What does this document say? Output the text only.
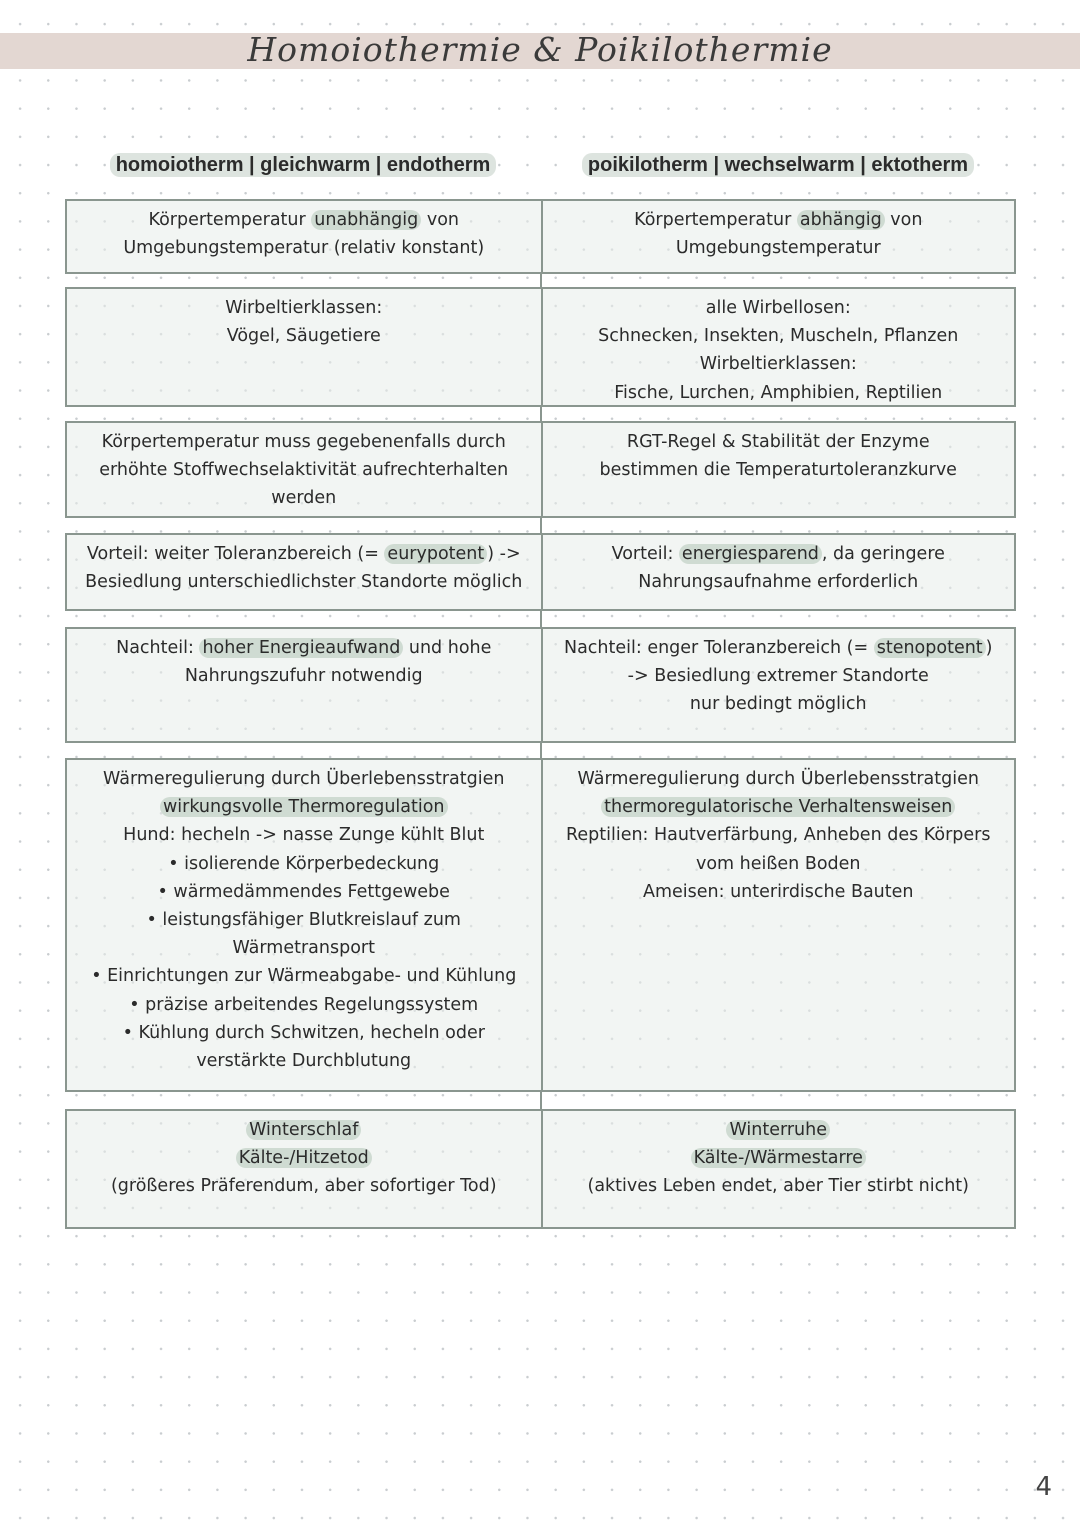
Homoiothermie & Poikilothermie
homoiotherm | gleichwarm | endotherm	poikilotherm | wechselwarm | ektotherm
Körpertemperatur unabhängig von
Umgebungstemperatur (relativ konstant)
Körpertemperatur abhängig von
Umgebungstemperatur
Wirbeltierklassen:
Vögel, Säugetiere
alle Wirbellosen:
Schnecken, Insekten, Muscheln, Pflanzen
Wirbeltierklassen:
Fische, Lurchen, Amphibien, Reptilien
Körpertemperatur muss gegebenenfalls durch
erhöhte Stoffwechselaktivität aufrechterhalten
werden
RGT-Regel & Stabilität der Enzyme
bestimmen die Temperaturtoleranzkurve
Vorteil: weiter Toleranzbereich (= eurypotent ) ->
Besiedlung unterschiedlichster Standorte möglich
Vorteil: energiesparend , da geringere
Nahrungsaufnahme erforderlich
Nachteil: hoher Energieaufwand und hohe
Nahrungszufuhr notwendig
Nachteil: enger Toleranzbereich (= stenopotent )
-> Besiedlung extremer Standorte
nur bedingt möglich
Wärmeregulierung durch Überlebensstratgien
wirkungsvolle Thermoregulation
Hund: hecheln -> nasse Zunge kühlt Blut
• isolierende Körperbedeckung
• wärmedämmendes Fettgewebe
• leistungsfähiger Blutkreislauf zum
Wärmetransport
• Einrichtungen zur Wärmeabgabe- und Kühlung
• präzise arbeitendes Regelungssystem
• Kühlung durch Schwitzen, hecheln oder
verstärkte Durchblutung
Wärmeregulierung durch Überlebensstratgien
thermoregulatorische Verhaltensweisen
Reptilien: Hautverfärbung, Anheben des Körpers
vom heißen Boden
Ameisen: unterirdische Bauten
Winterschlaf
Kälte-/Hitzetod
(größeres Präferendum, aber sofortiger Tod)
Winterruhe
Kälte-/Wärmestarre
(aktives Leben endet, aber Tier stirbt nicht)
4
